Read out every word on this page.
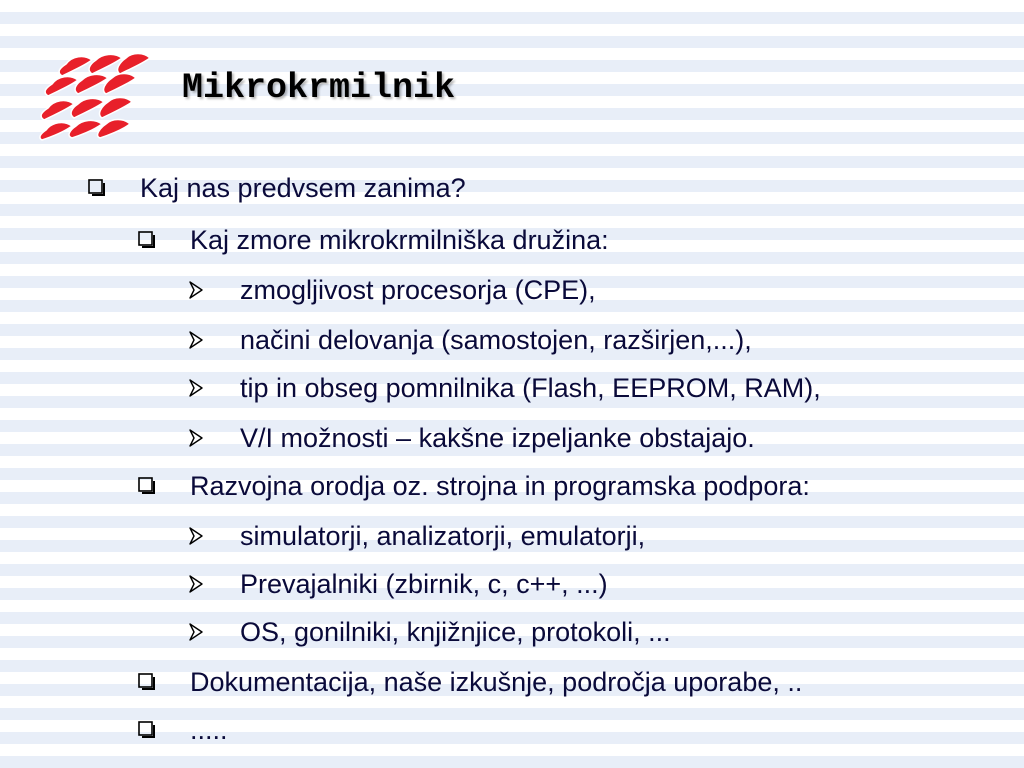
Mikrokrmilnik
Kaj nas predvsem zanima?
Kaj zmore mikrokrmilniška družina:
zmogljivost procesorja (CPE),
načini delovanja (samostojen, razširjen,...),
tip in obseg pomnilnika (Flash, EEPROM, RAM),
V/I možnosti – kakšne izpeljanke obstajajo.
Razvojna orodja oz. strojna in programska podpora:
simulatorji, analizatorji, emulatorji,
Prevajalniki (zbirnik, c, c++, ...)
OS, gonilniki, knjižnjice, protokoli, ...
Dokumentacija, naše izkušnje, področja uporabe, ..
.....
